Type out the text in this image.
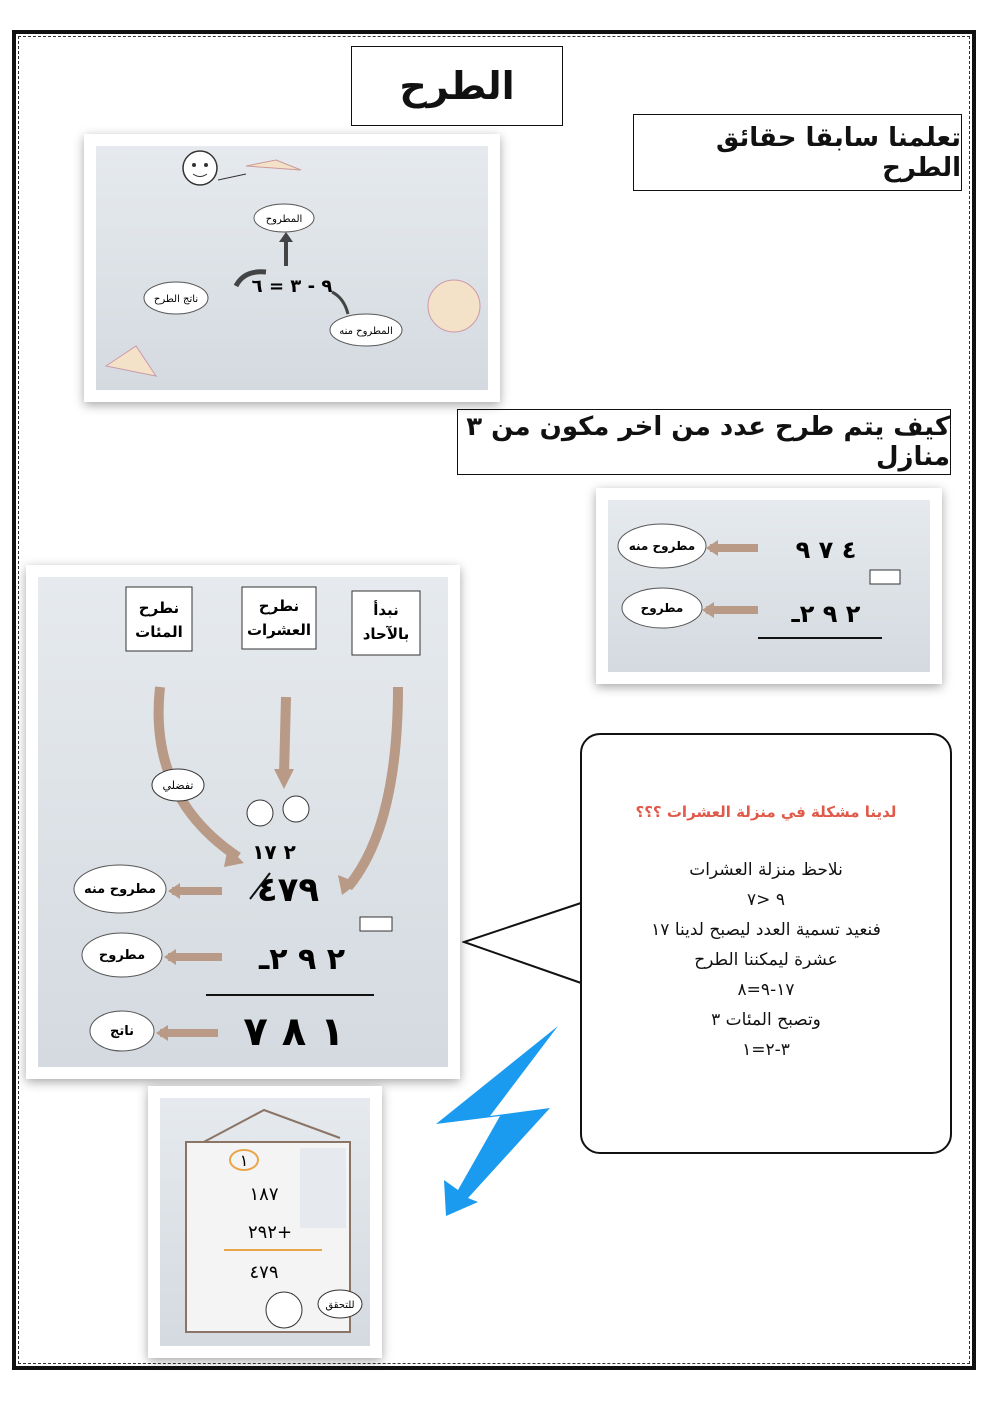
الطرح
تعلمنا سابقا حقائق الطرح
كيف يتم طرح عدد من اخر مكون من ٣ منازل
المطروح
٩ - ٣ = ٦
ناتج الطرح
المطروح منه
مطروح منه	٤ ٧ ٩
مطروح	٢ ٩ ٢ـ
نطرح
المئات
نطرح
العشرات
نبدأ
بالآحاد
تفضلي
٢ ١٧
مطروح منه	٤٧٩
مطروح	٢ ٩ ٢ـ
ناتج	١ ٨ ٧
١
١٨٧
٢٩٢+
٤٧٩
للتحقق
لدينا مشكلة في منزلة العشرات ؟؟؟
نلاحظ منزلة العشرات
٩ <٧
فنعيد تسمية العدد ليصبح لدينا ١٧
عشرة ليمكننا الطرح
١٧-٩=٨
وتصبح المئات ٣
٣-٢=١
